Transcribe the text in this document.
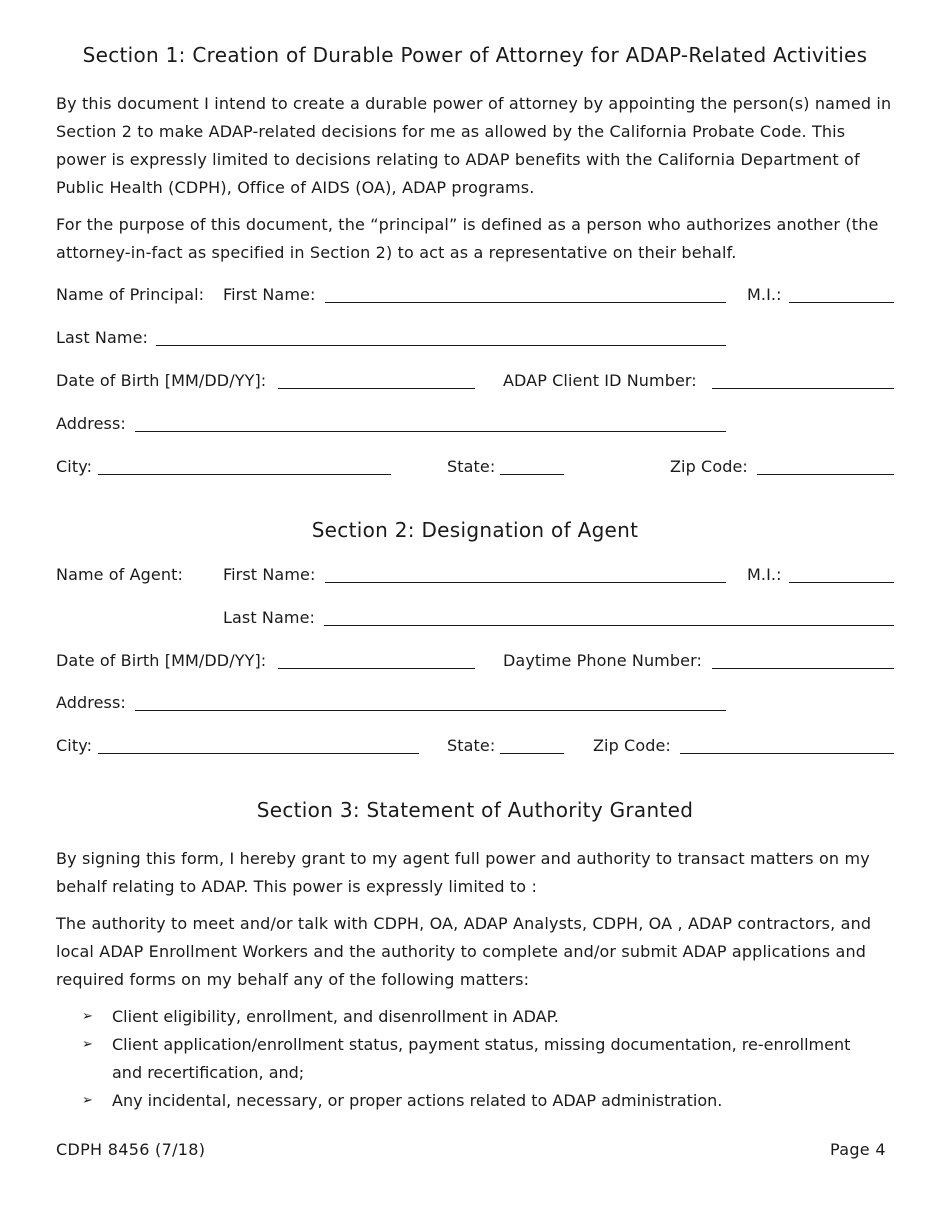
Section 1: Creation of Durable Power of Attorney for ADAP-Related Activities
By this document I intend to create a durable power of attorney by appointing the person(s) named in Section 2 to make ADAP-related decisions for me as allowed by the California Probate Code. This power is expressly limited to decisions relating to ADAP benefits with the California Department of Public Health (CDPH), Office of AIDS (OA), ADAP programs.
For the purpose of this document, the “principal” is defined as a person who authorizes another (the attorney-in-fact as specified in Section 2) to act as a representative on their behalf.
Name of Principal: First Name:	M.I.:
Last Name:
Date of Birth [MM/DD/YY]:	ADAP Client ID Number:
Address:
City:	State:	Zip Code:
Section 2: Designation of Agent
Name of Agent:	First Name:	M.I.:
Last Name:
Date of Birth [MM/DD/YY]:	Daytime Phone Number:
Address:
City:	State:	Zip Code:
Section 3: Statement of Authority Granted
By signing this form, I hereby grant to my agent full power and authority to transact matters on my behalf relating to ADAP. This power is expressly limited to :
The authority to meet and/or talk with CDPH, OA, ADAP Analysts, CDPH, OA , ADAP contractors, and local ADAP Enrollment Workers and the authority to complete and/or submit ADAP applications and required forms on my behalf any of the following matters:
➢ Client eligibility, enrollment, and disenrollment in ADAP.
➢ Client application/enrollment status, payment status, missing documentation, re-enrollment and recertification, and;
➢ Any incidental, necessary, or proper actions related to ADAP administration.
CDPH 8456 (7/18)	Page 4
